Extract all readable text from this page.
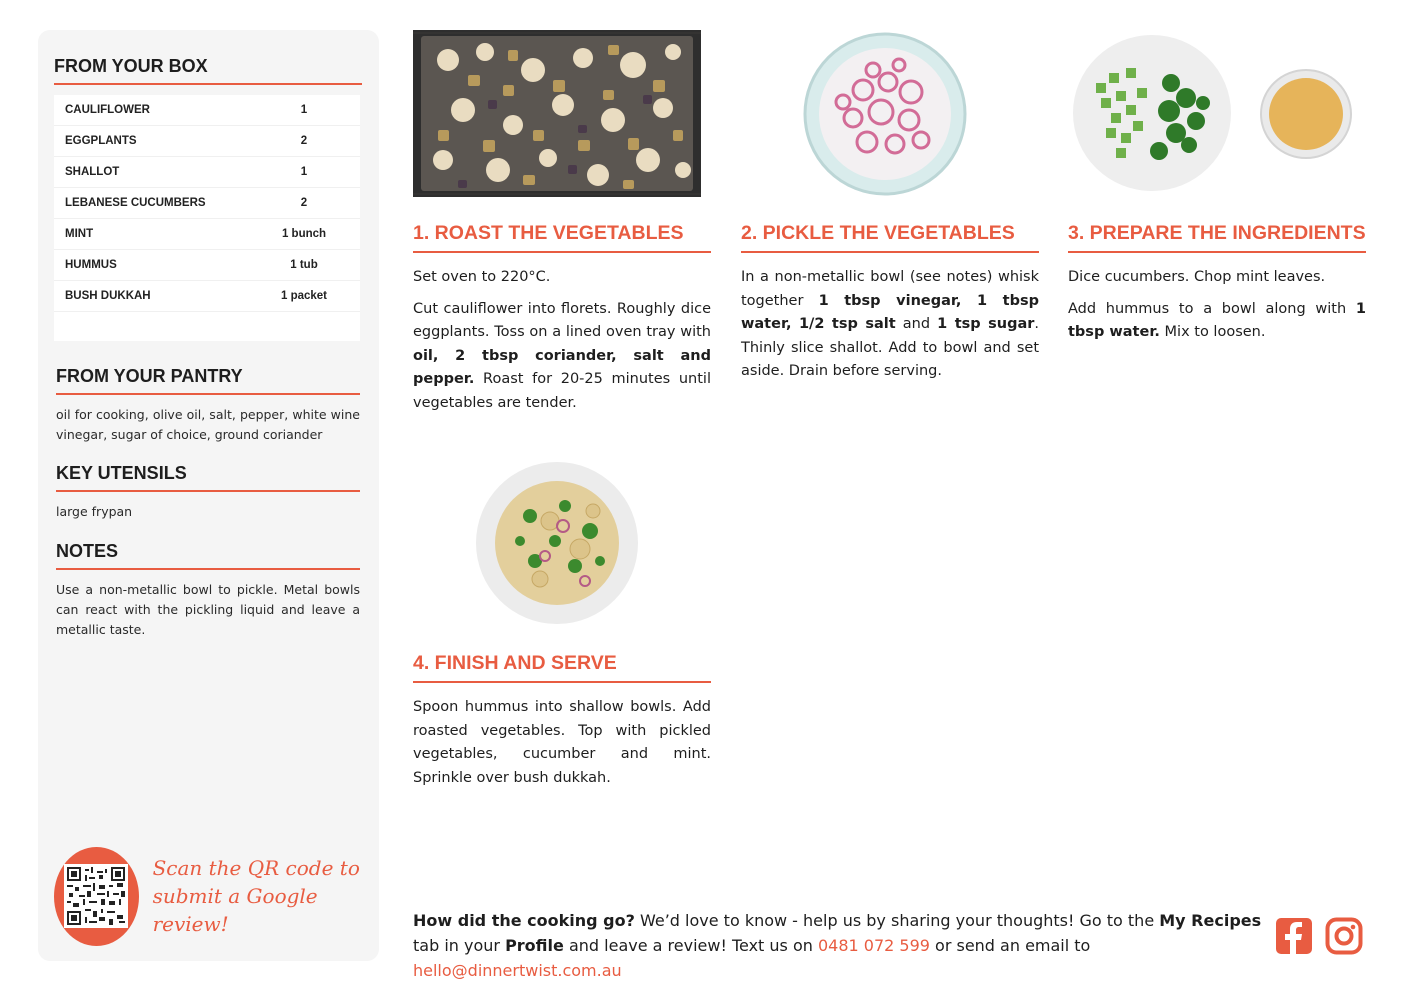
FROM YOUR BOX
CAULIFLOWER	1
EGGPLANTS	2
SHALLOT	1
LEBANESE CUCUMBERS	2
MINT	1 bunch
HUMMUS	1 tub
BUSH DUKKAH	1 packet
FROM YOUR PANTRY
oil for cooking, olive oil, salt, pepper, white wine vinegar, sugar of choice, ground coriander
KEY UTENSILS
large frypan
NOTES
Use a non-metallic bowl to pickle. Metal bowls can react with the pickling liquid and leave a metallic taste.
Scan the QR code to
submit a Google review!
1. ROAST THE VEGETABLES	2. PICKLE THE VEGETABLES	3. PREPARE THE INGREDIENTS
4. FINISH AND SERVE

Set oven to 220°C.

Cut cauliflower into florets. Roughly dice eggplants. Toss on a lined oven tray with oil, 2 tbsp coriander, salt and pepper. Roast for 20-25 minutes until vegetables are tender.

In a non-metallic bowl (see notes) whisk together 1 tbsp vinegar, 1 tbsp water, 1/2 tsp salt and 1 tsp sugar. Thinly slice shallot. Add to bowl and set aside. Drain before serving.

Dice cucumbers. Chop mint leaves.

Add hummus to a bowl along with 1 tbsp water. Mix to loosen.

Spoon hummus into shallow bowls. Add roasted vegetables. Top with pickled vegetables, cucumber and mint. Sprinkle over bush dukkah.

How did the cooking go? We’d love to know - help us by sharing your thoughts! Go to the My Recipes tab in your Profile and leave a review! Text us on 0481 072 599 or send an email to hello@dinnertwist.com.au
